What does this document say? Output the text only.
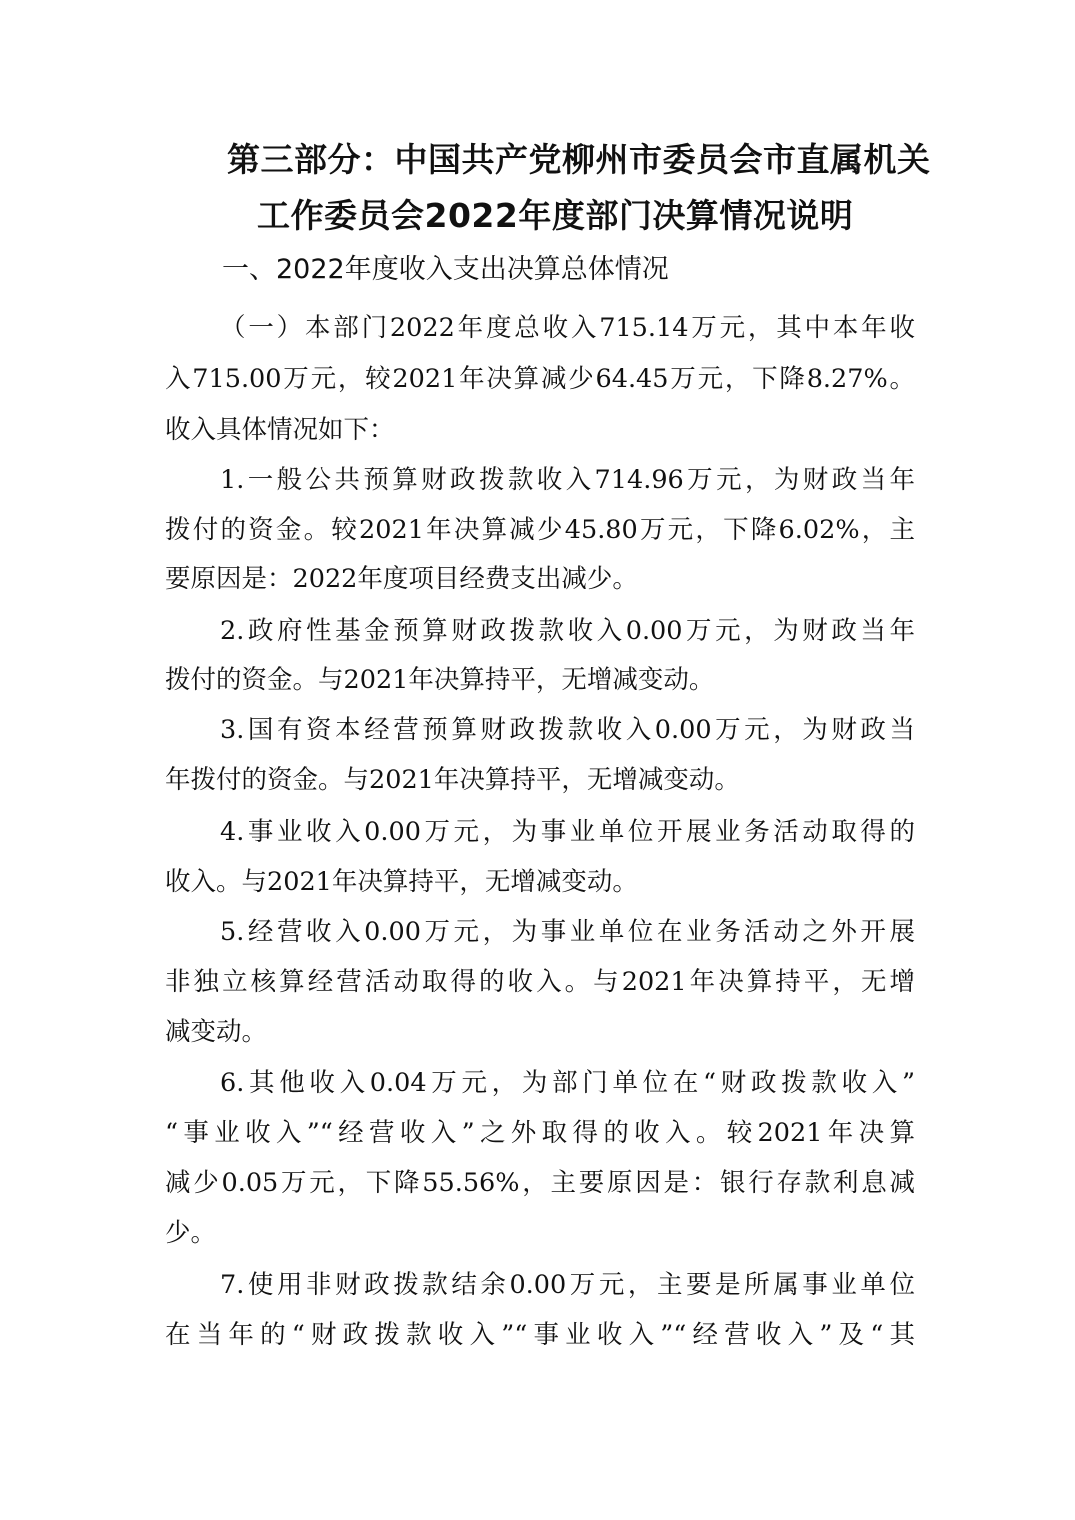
第三部分：中国共产党柳州市委员会市直属机关
工作委员会2022年度部门决算情况说明
一、2022年度收入支出决算总体情况
（一）本部门2022年度总收入715.14万元，其中本年收
入715.00万元，较2021年决算减少64.45万元，下降8.27%。
收入具体情况如下：
1.一般公共预算财政拨款收入714.96万元，为财政当年
拨付的资金。较2021年决算减少45.80万元，下降6.02%，主
要原因是：2022年度项目经费支出减少。
2.政府性基金预算财政拨款收入0.00万元，为财政当年
拨付的资金。与2021年决算持平，无增减变动。
3.国有资本经营预算财政拨款收入0.00万元，为财政当
年拨付的资金。与2021年决算持平，无增减变动。
4.事业收入0.00万元，为事业单位开展业务活动取得的
收入。与2021年决算持平，无增减变动。
5.经营收入0.00万元，为事业单位在业务活动之外开展
非独立核算经营活动取得的收入。与2021年决算持平，无增
减变动。
6.其他收入0.04万元，为部门单位在“财政拨款收入”
“事业收入”“经营收入”之外取得的收入。较2021年决算
减少0.05万元，下降55.56%，主要原因是：银行存款利息减
少。
7.使用非财政拨款结余0.00万元，主要是所属事业单位
在当年的“财政拨款收入”“事业收入”“经营收入”及“其
